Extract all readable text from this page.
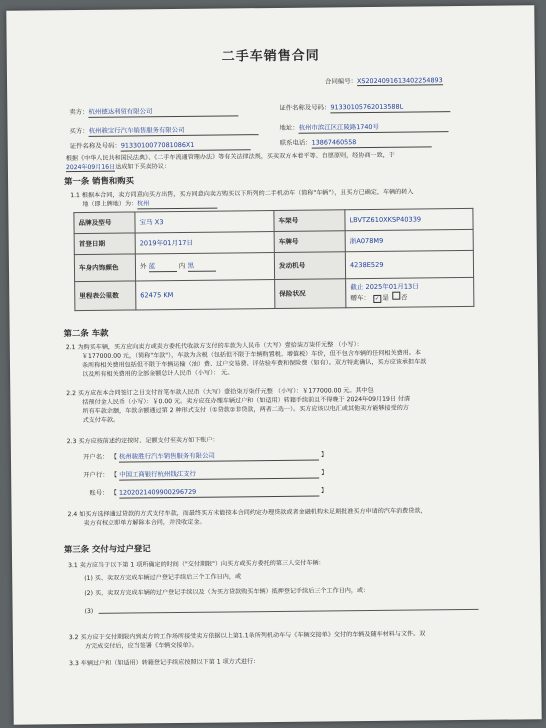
二手车销售合同
合同编号：XS2024091613402254893
卖方：杭州德达利贸有限公司	证件名称及号码：91330105762013588L
买方：杭州骏宝行汽车销售服务有限公司	地址：杭州市滨江区江陵路1740号
证件名称及号码：913301007708108​6X1	联系电话：13867460558
根据《中华人民共和国民法典》、《二手车流通管理办法》等有关法律法规，买卖双方本着平等、自愿原则，经协商一致，于
2024年09月16日达成如下买卖协议：
第一条 销售和购买
1.1 根据本合同，卖方同意向买方出售，买方同意向卖方购买以下所列的二手机动车（简称"车辆"），且买方已确定，车辆的转入
地（即上牌地）为：杭州
品牌及型号	宝马 X3	车架号	LBVTZ610XKSP40339
首登日期	2019年01月17日	车牌号	浙A078M9
车身内饰颜色	外 蓝 内 黑	发动机号	4238E529
里程表公里数	62475 KM	保险状况	截止 2025年01月13日
赠车： ✓ 是 否
第二条 车款
2.1 为购买车辆，买方应向卖方或卖方委托代收款方支付的车款为人民币（大写）壹拾柒万柒仟元整 （小写）：
￥177000.00 元，（简称"车款"），车款为含税（包括但不限于车辆购置税、增值税）车价，但不包含车辆的任何相关费用。本
条所称相关费用包括但不限于车辆运输（油）费、过户交易费、评估验车费和保险费（如有）。双方特此确认，买方应该承担车款
以及所有相关费用的全部金额总计人民币（小写）： 元。
2.2 买方应在本合同签订之日支付首笔车款人民币（大写）壹拾柒万柒仟元整 （小写）：￥177000.00 元。其中包
括预付金人民币（小写）：￥0.00 元。卖方应在办理车辆过户和（如适用）转籍手续前且不得晚于 2024年09月19日 付清
所有车款余额，车款余额通过第 2 种形式支付（①贷款②非贷款，两者二选一）。买方应该以电汇或其他卖方能够接受的方
式支付车款。
2.3 买方应按前述约定按时、足额支付至卖方如下账户：
开户名： 【 杭州骏胜行汽车销售服务有限公司	】
开户行： 【 中国工商银行杭州钱江支行	】
账号： 【 1202021409900296729	】
2.4 如买方选择通过贷款的方式支付车款，而最终买方未能按本合同约定办理贷款或者金融机构未足期批准买方申请的汽车消费贷款，
卖方有权立即单方解除本合同，并没收定金。
第三条 交付与过户登记
3.1 卖方应当于以下第 1 项所确定的时间（"交付期限"）向买方或买方委托的第三人交付车辆：
(1) 买、卖双方完成车辆过户登记手续后三个工作日内，或
(2) 买、卖双方完成车辆的过户登记手续以及（为买方贷款购买车辆）抵押登记手续后三个工作日内，或：
(3)
3.2 买方应于交付期限内到卖方的工作场所接受卖方依据以上第1.1条所列机动车与《车辆交接单》交付的车辆及随车材料与文件。双
方完成交付后，应当签署《车辆交接单》。
3.3 车辆过户和（如适用）转籍登记手续应按照以下第 1 项方式进行：
